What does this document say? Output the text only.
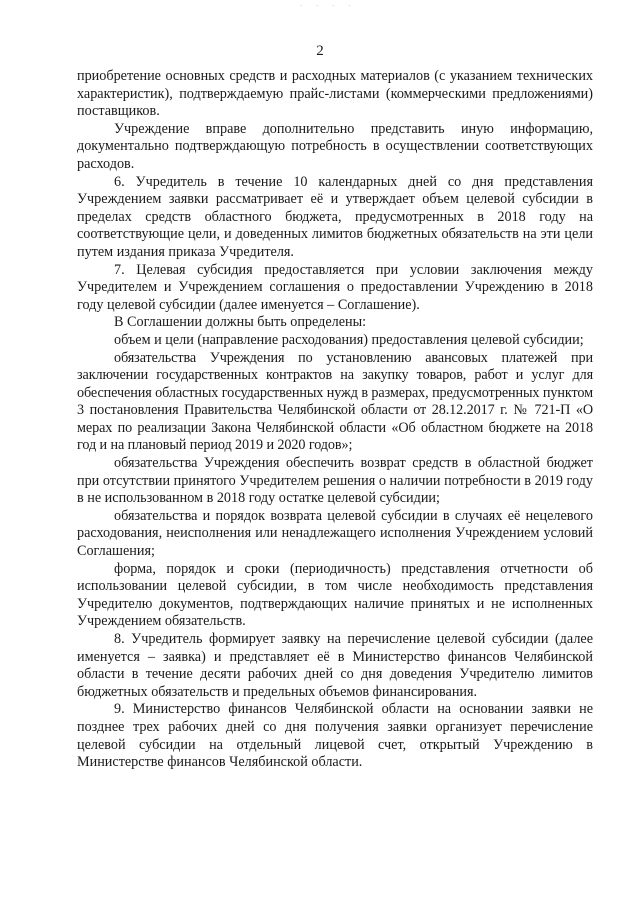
· · · ·
2

приобретение основных средств и расходных материалов (с указанием технических характеристик), подтверждаемую прайс-листами (коммерческими предложениями) поставщиков.

Учреждение вправе дополнительно представить иную информацию, документально подтверждающую потребность в осуществлении соответствующих расходов.

6. Учредитель в течение 10 календарных дней со дня представления Учреждением заявки рассматривает её и утверждает объем целевой субсидии в пределах средств областного бюджета, предусмотренных в 2018 году на соответствующие цели, и доведенных лимитов бюджетных обязательств на эти цели путем издания приказа Учредителя.

7. Целевая субсидия предоставляется при условии заключения между Учредителем и Учреждением соглашения о предоставлении Учреждению в 2018 году целевой субсидии (далее именуется – Соглашение).

В Соглашении должны быть определены:

объем и цели (направление расходования) предоставления целевой субсидии;

обязательства Учреждения по установлению авансовых платежей при заключении государственных контрактов на закупку товаров, работ и услуг для обеспечения областных государственных нужд в размерах, предусмотренных пунктом 3 постановления Правительства Челябинской области от 28.12.2017 г. № 721-П «О мерах по реализации Закона Челябинской области «Об областном бюджете на 2018 год и на плановый период 2019 и 2020 годов»;

обязательства Учреждения обеспечить возврат средств в областной бюджет при отсутствии принятого Учредителем решения о наличии потребности в 2019 году в не использованном в 2018 году остатке целевой субсидии;

обязательства и порядок возврата целевой субсидии в случаях её нецелевого расходования, неисполнения или ненадлежащего исполнения Учреждением условий Соглашения;

форма, порядок и сроки (периодичность) представления отчетности об использовании целевой субсидии, в том числе необходимость представления Учредителю документов, подтверждающих наличие принятых и не исполненных Учреждением обязательств.

8. Учредитель формирует заявку на перечисление целевой субсидии (далее именуется – заявка) и представляет её в Министерство финансов Челябинской области в течение десяти рабочих дней со дня доведения Учредителю лимитов бюджетных обязательств и предельных объемов финансирования.

9. Министерство финансов Челябинской области на основании заявки не позднее трех рабочих дней со дня получения заявки организует перечисление целевой субсидии на отдельный лицевой счет, открытый Учреждению в Министерстве финансов Челябинской области.
